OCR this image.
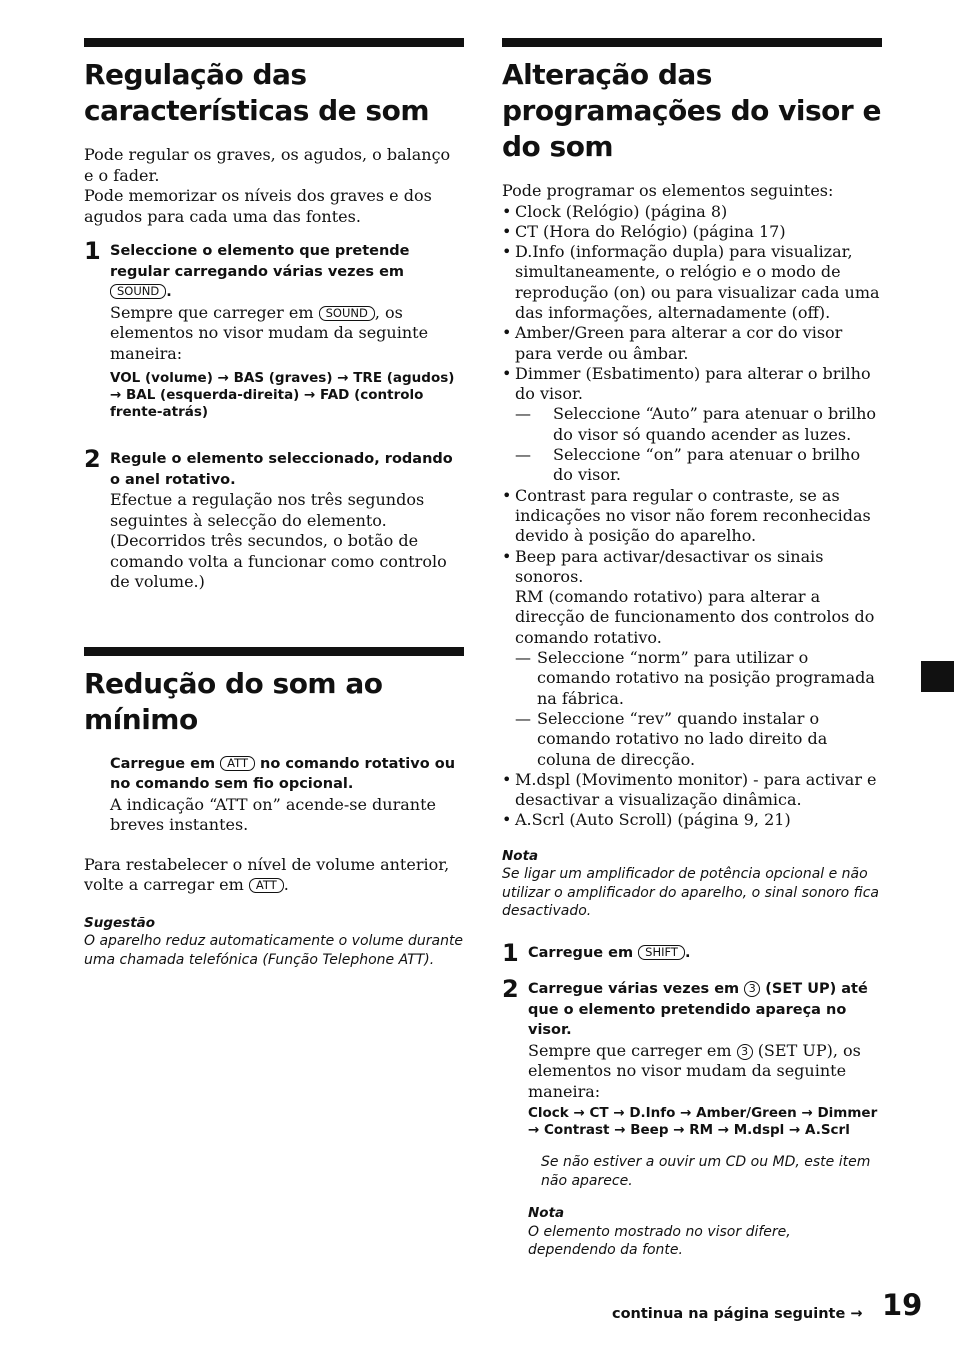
Regulação das características de som

Pode regular os graves, os agudos, o balanço e o fader.

Pode memorizar os níveis dos graves e dos agudos para cada uma das fontes.

1 Seleccione o elemento que pretende regular carregando várias vezes em SOUND .

Sempre que carreger em SOUND , os elementos no visor mudam da seguinte maneira:

VOL (volume) → BAS (graves) → TRE (agudos) → BAL (esquerda-direita) → FAD (controlo frente-atrás)
2 Regule o elemento seleccionado, rodando o anel rotativo.

Efectue a regulação nos três segundos seguintes à selecção do elemento. (Decorridos três secundos, o botão de comando volta a funcionar como controlo de volume.)

Redução do som ao mínimo
Carregue em ATT no comando rotativo ou no comando sem fio opcional.

A indicação “ATT on” acende-se durante breves instantes.

Para restabelecer o nível de volume anterior, volte a carregar em ATT .

Sugestão
O aparelho reduz automaticamente o volume durante uma chamada telefónica (Função Telephone ATT).
Alteração das programações do visor e do som

Pode programar os elementos seguintes:

• Clock (Relógio) (página 8)
• CT (Hora do Relógio) (página 17)
• D.Info (informação dupla) para visualizar, simultaneamente, o relógio e o modo de reprodução (on) ou para visualizar cada uma das informações, alternadamente (off).
• Amber/Green para alterar a cor do visor para verde ou âmbar.
• Dimmer (Esbatimento) para alterar o brilho do visor.
— Seleccione “Auto” para atenuar o brilho do visor só quando acender as luzes.
— Seleccione “on” para atenuar o brilho do visor.
• Contrast para regular o contraste, se as indicações no visor não forem reconhecidas devido à posição do aparelho.
• Beep para activar/desactivar os sinais sonoros.
RM (comando rotativo) para alterar a direcção de funcionamento dos controlos do comando rotativo.
— Seleccione “norm” para utilizar o comando rotativo na posição programada na fábrica.
— Seleccione “rev” quando instalar o comando rotativo no lado direito da coluna de direcção.
• M.dspl (Movimento monitor) - para activar e desactivar a visualização dinâmica.
• A.Scrl (Auto Scroll) (página 9, 21)
Nota
Se ligar um amplificador de potência opcional e não utilizar o amplificador do aparelho, o sinal sonoro fica desactivado.
1 Carregue em SHIFT .
2 Carregue várias vezes em 3 (SET UP) até que o elemento pretendido apareça no visor.

Sempre que carreger em 3 (SET UP), os elementos no visor mudam da seguinte maneira:

Clock → CT → D.Info → Amber/Green → Dimmer → Contrast → Beep → RM → M.dspl → A.Scrl
Se não estiver a ouvir um CD ou MD, este item não aparece.
Nota
O elemento mostrado no visor difere, dependendo da fonte.
continua na página seguinte → 19
